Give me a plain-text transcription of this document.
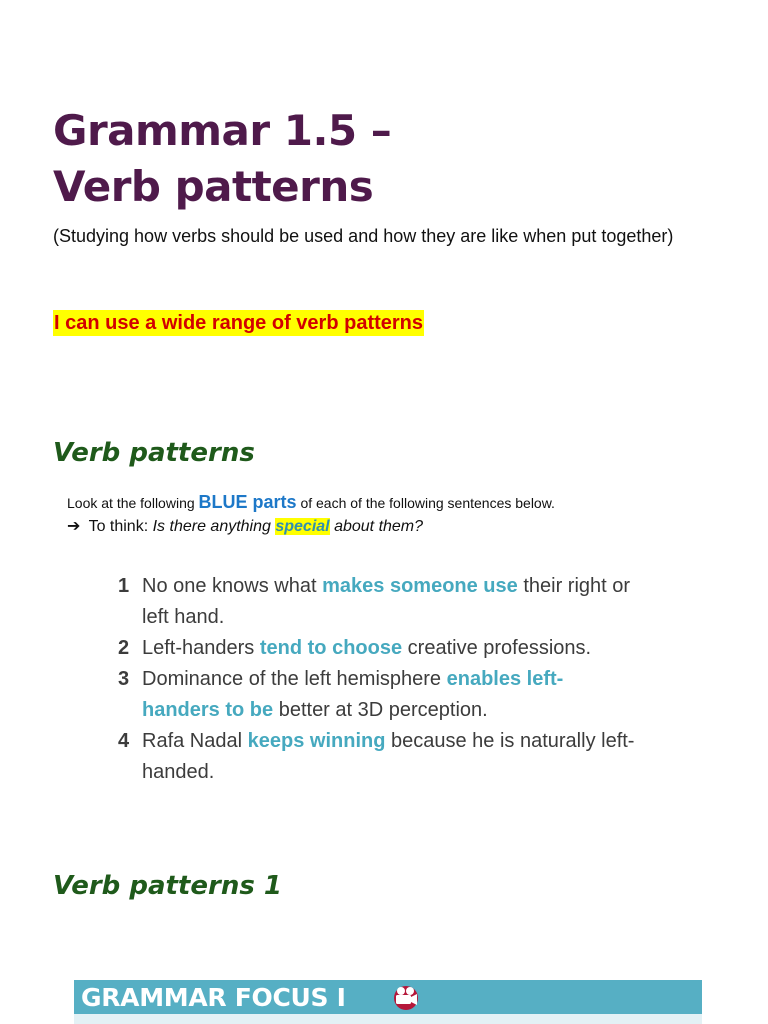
Grammar 1.5 –
Verb patterns
(Studying how verbs should be used and how they are like when put together)
I can use a wide range of verb patterns
Verb patterns
Look at the following BLUE parts of each of the following sentences below.
➔ To think: Is there anything special about them?
1 No one knows what makes someone use their right or left hand.
2 Left-handers tend to choose creative professions.
3 Dominance of the left hemisphere enables left-handers to be better at 3D perception.
4 Rafa Nadal keeps winning because he is naturally left-handed.
Verb patterns 1
GRAMMAR FOCUS I
